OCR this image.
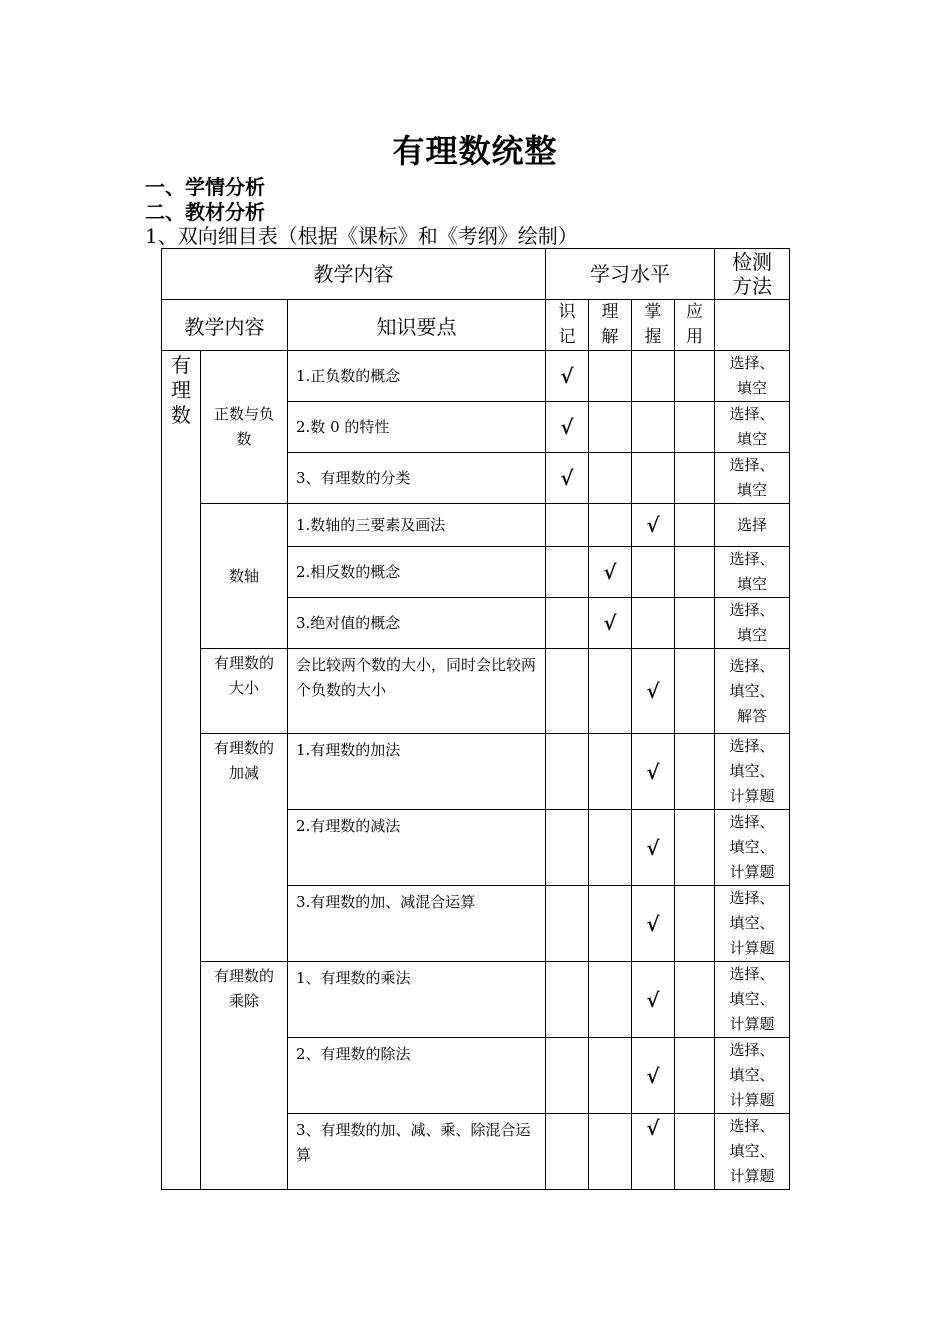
有理数统整
一、学情分析
二、教材分析
1、双向细目表（根据《课标》和《考纲》绘制）
教学内容			学习水平				检测方法
教学内容		知识要点	识记	理解	掌握	应用	
有理数	正数与负数	1.正负数的概念	√				选择、填空
		2.数 0 的特性	√				选择、填空
		3、有理数的分类	√				选择、填空
	数轴	1.数轴的三要素及画法			√		选择
		2.相反数的概念		√			选择、填空
		3.绝对值的概念		√			选择、填空
	有理数的大小	会比较两个数的大小，同时会比较两个负数的大小			√		选择、填空、解答
	有理数的加减	1.有理数的加法			√		选择、填空、计算题
		2.有理数的减法			√		选择、填空、计算题
		3.有理数的加、减混合运算			√		选择、填空、计算题
	有理数的乘除	1、有理数的乘法			√		选择、填空、计算题
		2、有理数的除法			√		选择、填空、计算题
		3、有理数的加、减、乘、除混合运算			√		选择、填空、计算题
